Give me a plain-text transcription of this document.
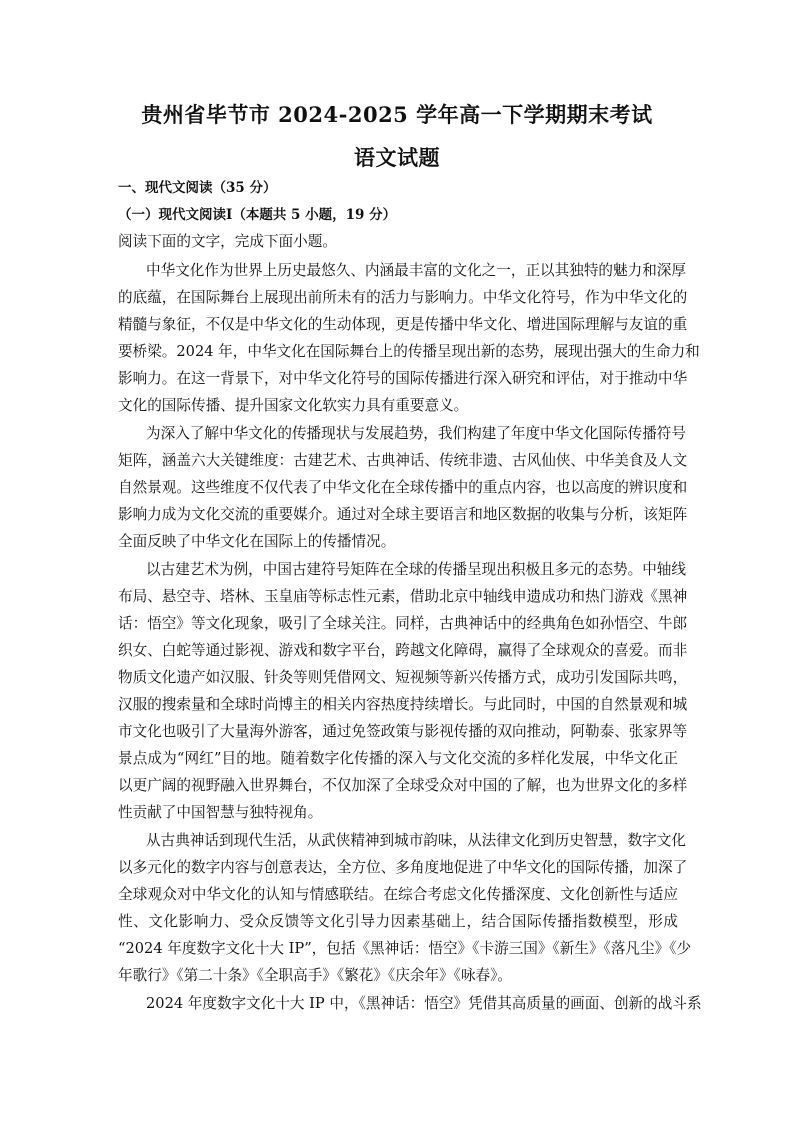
贵州省毕节市 2024-2025 学年高一下学期期末考试
语文试题
一、现代文阅读（35 分）
（一）现代文阅读Ⅰ（本题共 5 小题，19 分）
阅读下面的文字，完成下面小题。
中华文化作为世界上历史最悠久、内涵最丰富的文化之一，正以其独特的魅力和深厚
的底蕴，在国际舞台上展现出前所未有的活力与影响力。中华文化符号，作为中华文化的
精髓与象征，不仅是中华文化的生动体现，更是传播中华文化、增进国际理解与友谊的重
要桥梁。2024 年，中华文化在国际舞台上的传播呈现出新的态势，展现出强大的生命力和
影响力。在这一背景下，对中华文化符号的国际传播进行深入研究和评估，对于推动中华
文化的国际传播、提升国家文化软实力具有重要意义。
为深入了解中华文化的传播现状与发展趋势，我们构建了年度中华文化国际传播符号
矩阵，涵盖六大关键维度：古建艺术、古典神话、传统非遗、古风仙侠、中华美食及人文
自然景观。这些维度不仅代表了中华文化在全球传播中的重点内容，也以高度的辨识度和
影响力成为文化交流的重要媒介。通过对全球主要语言和地区数据的收集与分析，该矩阵
全面反映了中华文化在国际上的传播情况。
以古建艺术为例，中国古建符号矩阵在全球的传播呈现出积极且多元的态势。中轴线
布局、悬空寺、塔林、玉皇庙等标志性元素，借助北京中轴线申遗成功和热门游戏《黑神
话：悟空》等文化现象，吸引了全球关注。同样，古典神话中的经典角色如孙悟空、牛郎
织女、白蛇等通过影视、游戏和数字平台，跨越文化障碍，赢得了全球观众的喜爱。而非
物质文化遗产如汉服、针灸等则凭借网文、短视频等新兴传播方式，成功引发国际共鸣，
汉服的搜索量和全球时尚博主的相关内容热度持续增长。与此同时，中国的自然景观和城
市文化也吸引了大量海外游客，通过免签政策与影视传播的双向推动，阿勒泰、张家界等
景点成为“网红”目的地。随着数字化传播的深入与文化交流的多样化发展，中华文化正
以更广阔的视野融入世界舞台，不仅加深了全球受众对中国的了解，也为世界文化的多样
性贡献了中国智慧与独特视角。
从古典神话到现代生活，从武侠精神到城市韵味，从法律文化到历史智慧，数字文化
以多元化的数字内容与创意表达，全方位、多角度地促进了中华文化的国际传播，加深了
全球观众对中华文化的认知与情感联结。在综合考虑文化传播深度、文化创新性与适应
性、文化影响力、受众反馈等文化引导力因素基础上，结合国际传播指数模型，形成
“2024 年度数字文化十大 IP”，包括《黑神话：悟空》《卡游三国》《新生》《落凡尘》《少
年歌行》《第二十条》《全职高手》《繁花》《庆余年》《咏春》。
2024 年度数字文化十大 IP 中，《黑神话：悟空》凭借其高质量的画面、创新的战斗系
